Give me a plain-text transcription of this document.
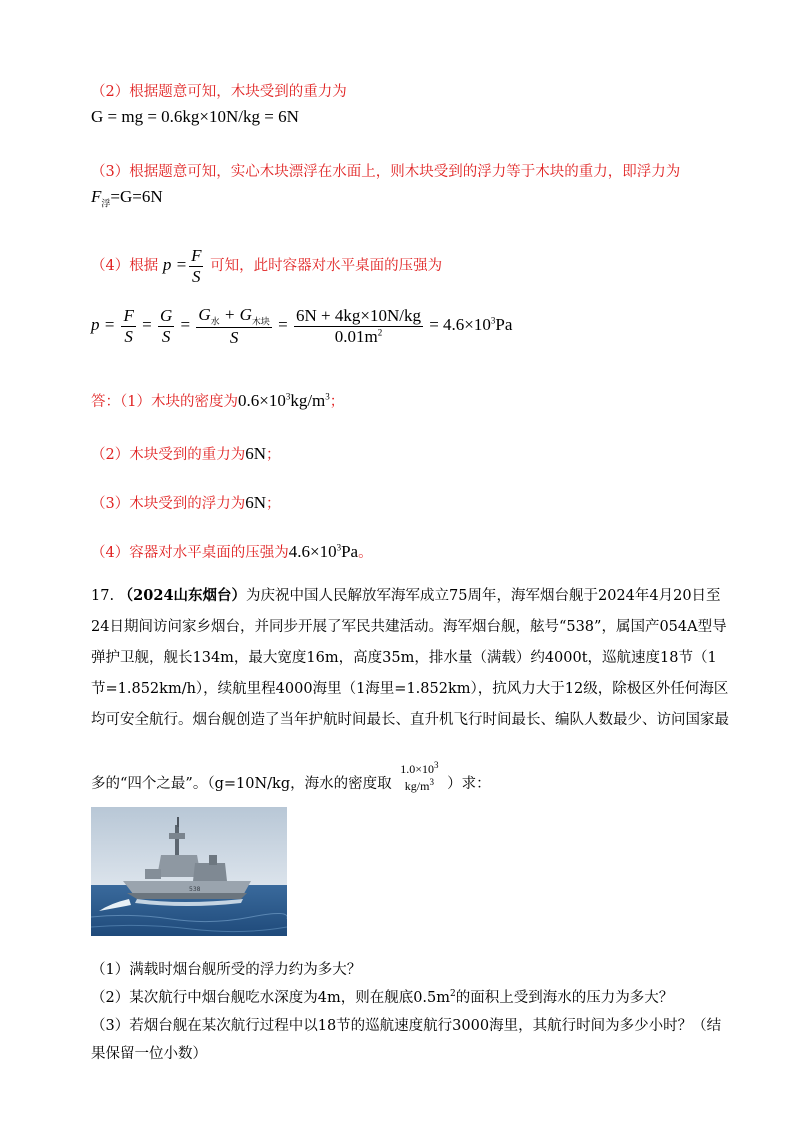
（2）根据题意可知，木块受到的重力为
G = mg = 0.6kg×10N/kg = 6N
（3）根据题意可知，实心木块漂浮在水面上，则木块受到的浮力等于木块的重力，即浮力为
$F_浮=G=6N$
（4）根据 $p = \frac{F}{S}$ 可知，此时容器对水平桌面的压强为
$p = \frac{F}{S} = \frac{G}{S} = \frac{G_水 + G_{木块}}{S} = \frac{6N + 4kg\times 10N/kg}{0.01m^2} = 4.6\times 10^3Pa$
答：（1）木块的密度为$0.6\times 10^3kg/m^3$；
（2）木块受到的重力为6N；
（3）木块受到的浮力为6N；
（4）容器对水平桌面的压强为$4.6\times 10^3Pa$。
17. （2024山东烟台）为庆祝中国人民解放军海军成立75周年，海军烟台舰于2024年4月20日至24日期间访问家乡烟台，并同步开展了军民共建活动。海军烟台舰，舷号“538”，属国产054A型导弹护卫舰，舰长134m，最大宽度16m，高度35m，排水量（满载）约4000t，巡航速度18节（1节=1.852km/h），续航里程4000海里（1海里=1.852km），抗风力大于12级，除极区外任何海区均可安全航行。烟台舰创造了当年护航时间最长、直升机飞行时间最长、编队人数最少、访问国家最
多的“四个之最”。（g=10N/kg，海水的密度取
$1.0\times 10^3$
$kg/m^3$ ）求：
538
（1）满载时烟台舰所受的浮力约为多大？
（2）某次航行中烟台舰吃水深度为4m，则在舰底$0.5m^2$的面积上受到海水的压力为多大？
（3）若烟台舰在某次航行过程中以18节的巡航速度航行3000海里，其航行时间为多少小时？（结
果保留一位小数）
